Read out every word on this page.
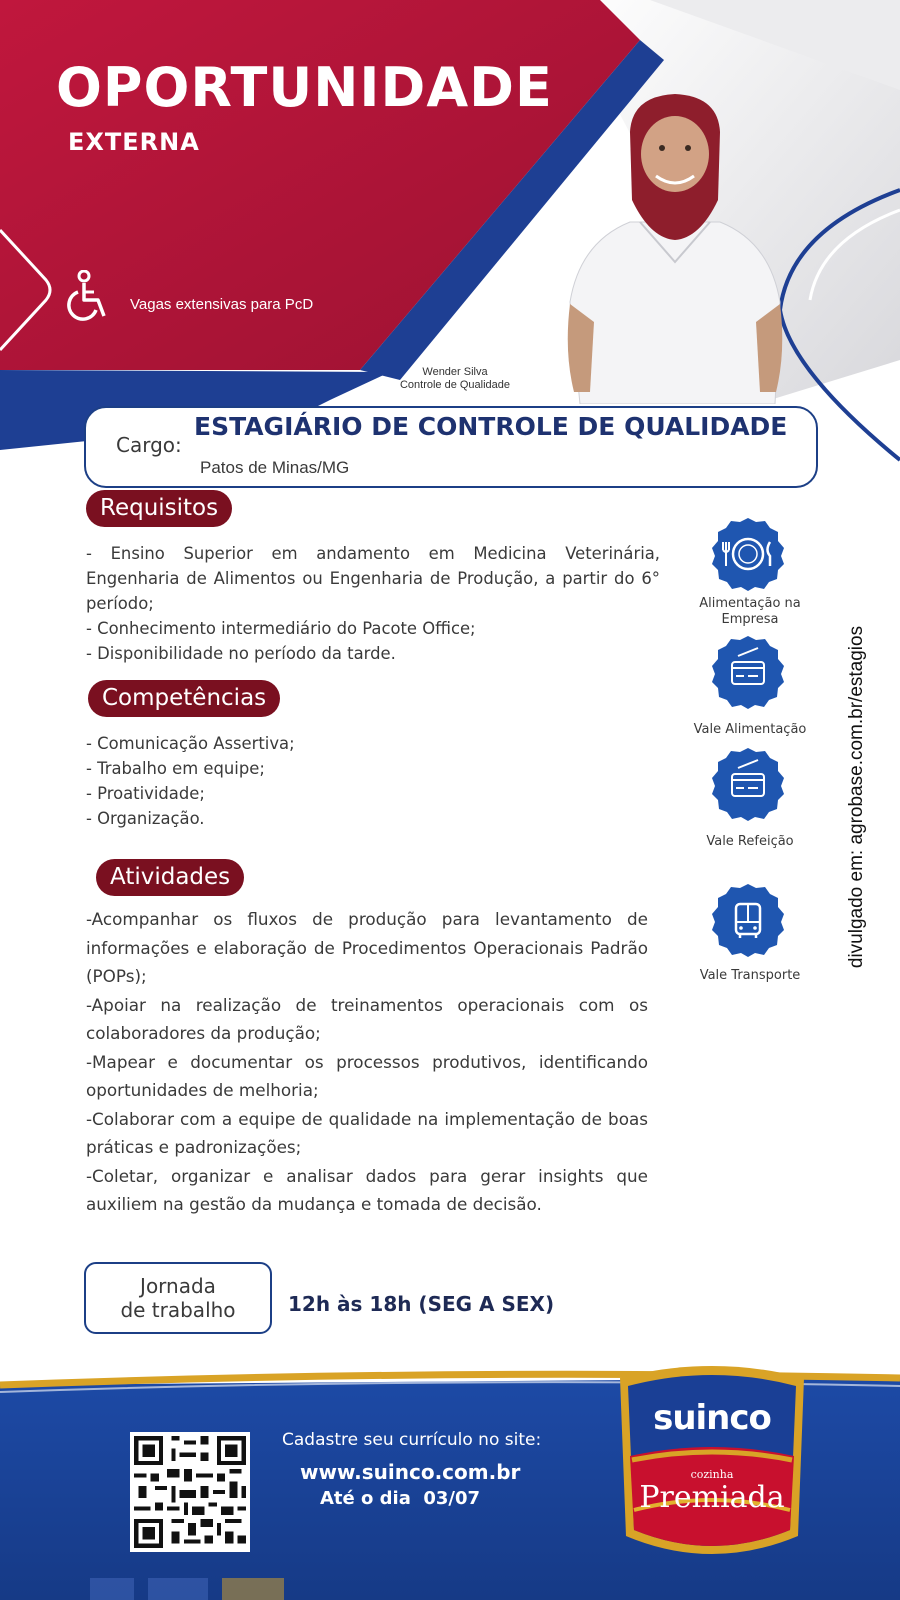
OPORTUNIDADE
EXTERNA
Vagas extensivas para PcD
Wender Silva
Controle de Qualidade
Cargo:
ESTAGIÁRIO DE CONTROLE DE QUALIDADE
Patos de Minas/MG
Requisitos
- Ensino Superior em andamento em Medicina Veterinária, Engenharia de Alimentos ou Engenharia de Produção, a partir do 6° período;
- Conhecimento intermediário do Pacote Office;
- Disponibilidade no período da tarde.
Competências
- Comunicação Assertiva;
- Trabalho em equipe;
- Proatividade;
- Organização.
Atividades
-Acompanhar os fluxos de produção para levantamento de informações e elaboração de Procedimentos Operacionais Padrão (POPs);
-Apoiar na realização de treinamentos operacionais com os colaboradores da produção;
-Mapear e documentar os processos produtivos, identificando oportunidades de melhoria;
-Colaborar com a equipe de qualidade na implementação de boas práticas e padronizações;
-Coletar, organizar e analisar dados para gerar insights que auxiliem na gestão da mudança e tomada de decisão.
Alimentação na
Empresa
Vale Alimentação
Vale Refeição
Vale Transporte
divulgado em: agrobase.com.br/estagios
Jornada
de trabalho	12h às 18h (SEG A SEX)
Cadastre seu currículo no site:
www.suinco.com.br
Até o dia  03/07
suinco
cozinha
Premiada
